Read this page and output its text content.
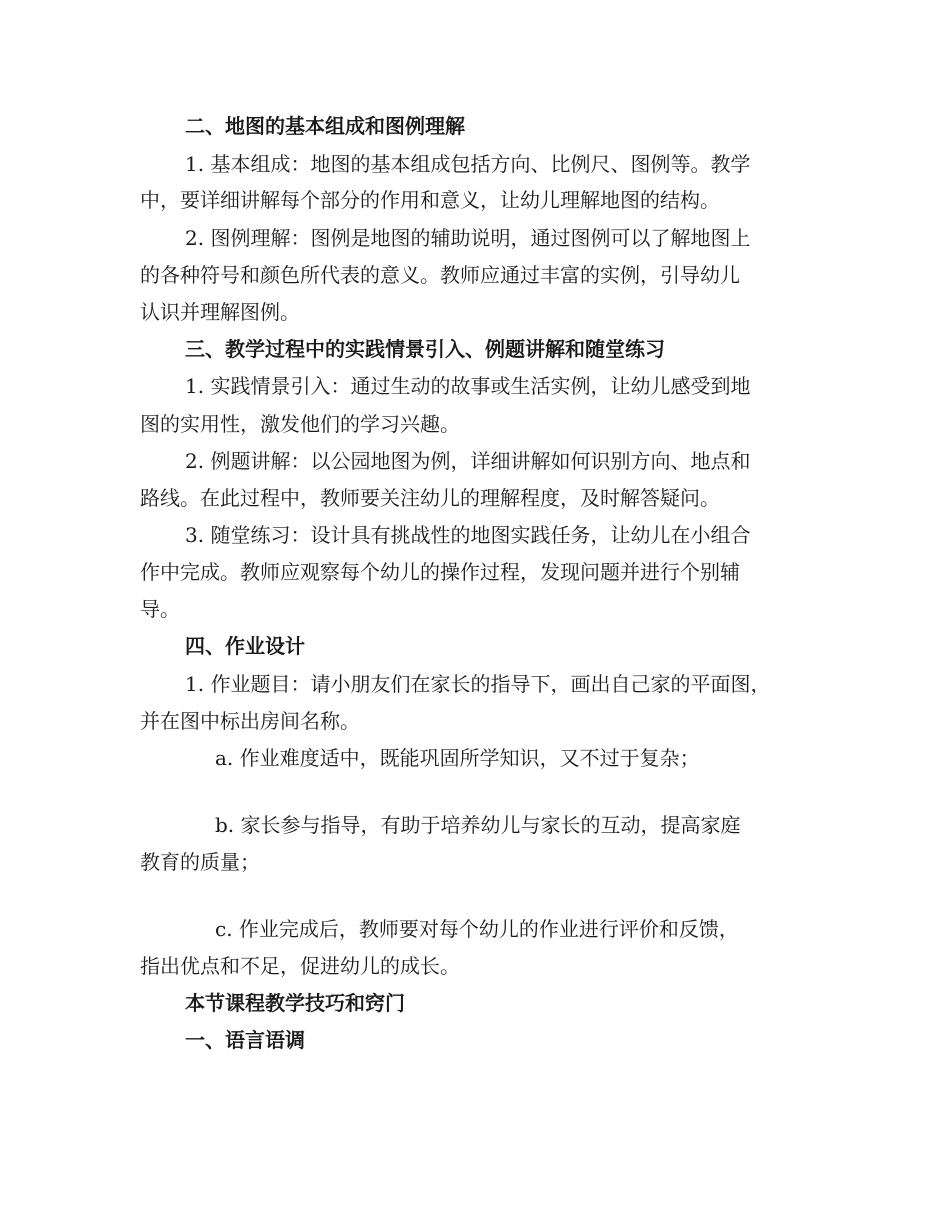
二、地图的基本组成和图例理解
1. 基本组成：地图的基本组成包括方向、比例尺、图例等。教学
中，要详细讲解每个部分的作用和意义，让幼儿理解地图的结构。
2. 图例理解：图例是地图的辅助说明，通过图例可以了解地图上
的各种符号和颜色所代表的意义。教师应通过丰富的实例，引导幼儿
认识并理解图例。
三、教学过程中的实践情景引入、例题讲解和随堂练习
1. 实践情景引入：通过生动的故事或生活实例，让幼儿感受到地
图的实用性，激发他们的学习兴趣。
2. 例题讲解：以公园地图为例，详细讲解如何识别方向、地点和
路线。在此过程中，教师要关注幼儿的理解程度，及时解答疑问。
3. 随堂练习：设计具有挑战性的地图实践任务，让幼儿在小组合
作中完成。教师应观察每个幼儿的操作过程，发现问题并进行个别辅
导。
四、作业设计
1. 作业题目：请小朋友们在家长的指导下，画出自己家的平面图，
并在图中标出房间名称。
a. 作业难度适中，既能巩固所学知识，又不过于复杂；
b. 家长参与指导，有助于培养幼儿与家长的互动，提高家庭
教育的质量；
c. 作业完成后，教师要对每个幼儿的作业进行评价和反馈，
指出优点和不足，促进幼儿的成长。
本节课程教学技巧和窍门
一、语言语调
